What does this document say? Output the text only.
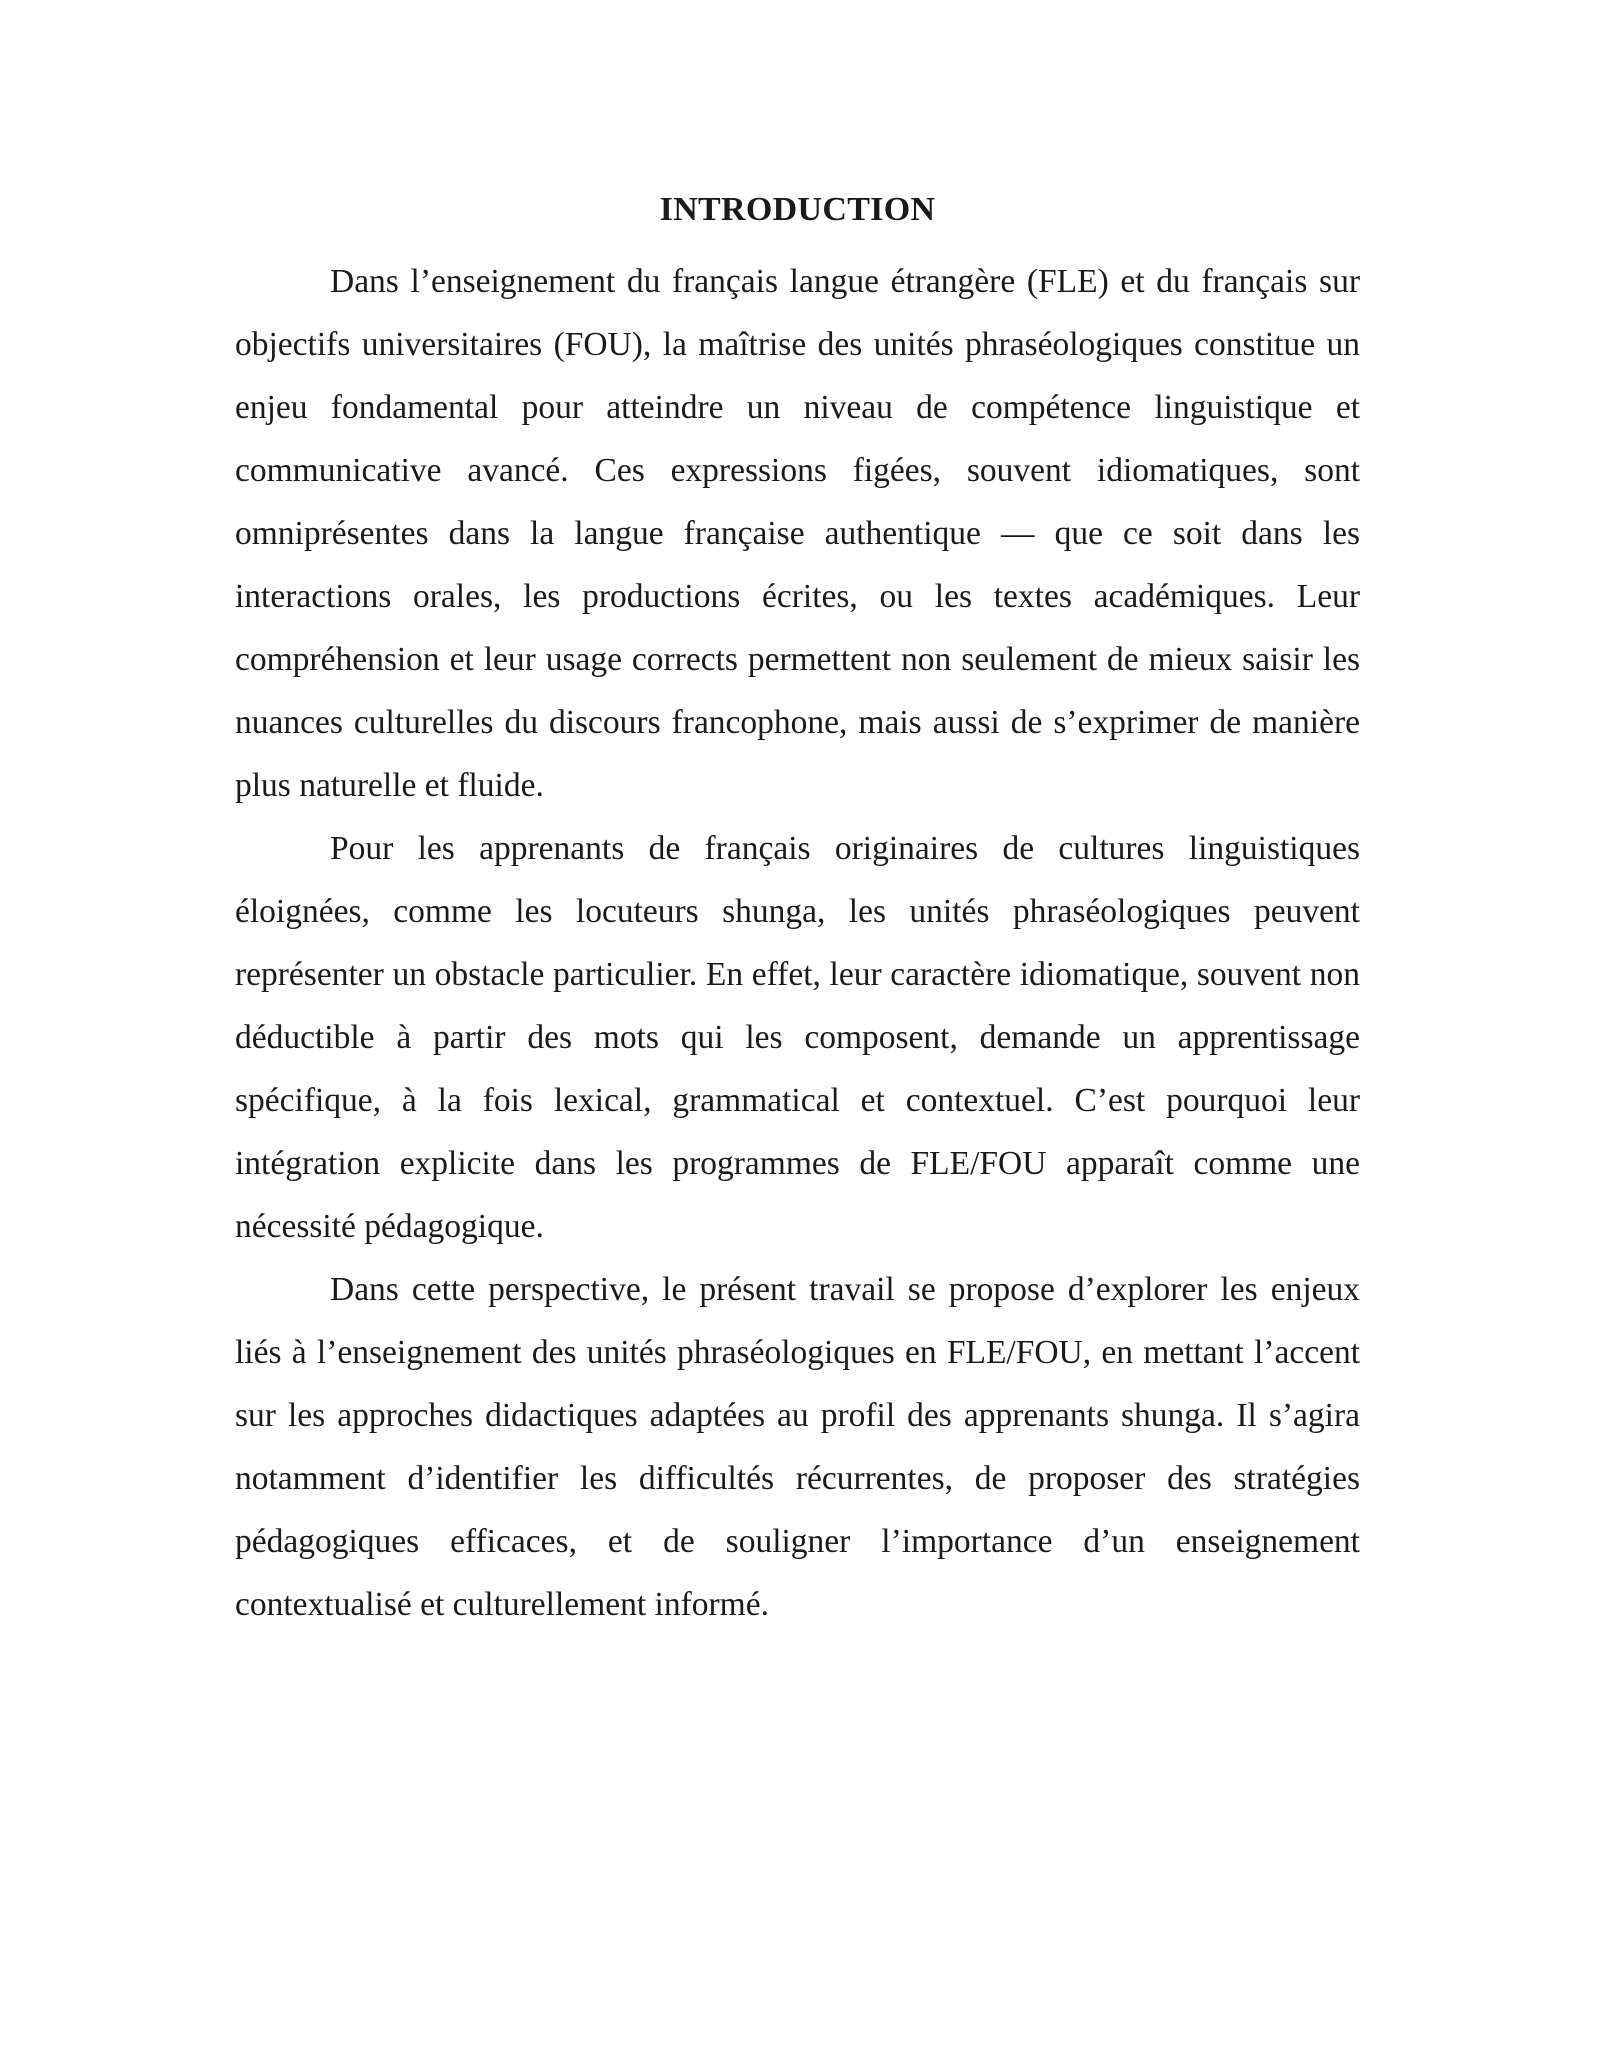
INTRODUCTION

Dans l’enseignement du français langue étrangère (FLE) et du français sur objectifs universitaires (FOU), la maîtrise des unités phraséologiques constitue un enjeu fondamental pour atteindre un niveau de compétence linguistique et communicative avancé. Ces expressions figées, souvent idiomatiques, sont omniprésentes dans la langue française authentique — que ce soit dans les interactions orales, les productions écrites, ou les textes académiques. Leur compréhension et leur usage corrects permettent non seulement de mieux saisir les nuances culturelles du discours francophone, mais aussi de s’exprimer de manière plus naturelle et fluide.

Pour les apprenants de français originaires de cultures linguistiques éloignées, comme les locuteurs shunga, les unités phraséologiques peuvent représenter un obstacle particulier. En effet, leur caractère idiomatique, souvent non déductible à partir des mots qui les composent, demande un apprentissage spécifique, à la fois lexical, grammatical et contextuel. C’est pourquoi leur intégration explicite dans les programmes de FLE/FOU apparaît comme une nécessité pédagogique.

Dans cette perspective, le présent travail se propose d’explorer les enjeux liés à l’enseignement des unités phraséologiques en FLE/FOU, en mettant l’accent sur les approches didactiques adaptées au profil des apprenants shunga. Il s’agira notamment d’identifier les difficultés récurrentes, de proposer des stratégies pédagogiques efficaces, et de souligner l’importance d’un enseignement contextualisé et culturellement informé.
